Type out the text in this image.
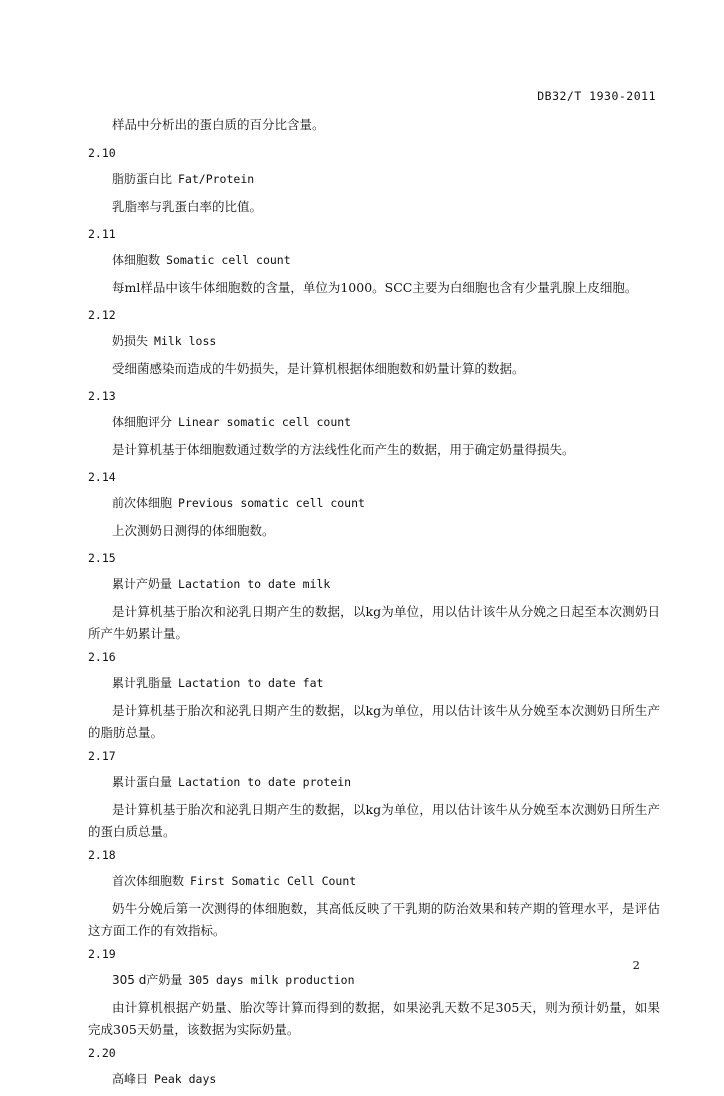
DB32/T 1930-2011

样品中分析出的蛋白质的百分比含量。

2.10
脂肪蛋白比 Fat/Protein

乳脂率与乳蛋白率的比值。

2.11
体细胞数 Somatic cell count

每ml样品中该牛体细胞数的含量，单位为1000。SCC主要为白细胞也含有少量乳腺上皮细胞。

2.12
奶损失 Milk loss

受细菌感染而造成的牛奶损失，是计算机根据体细胞数和奶量计算的数据。

2.13
体细胞评分 Linear somatic cell count

是计算机基于体细胞数通过数学的方法线性化而产生的数据，用于确定奶量得损失。

2.14
前次体细胞 Previous somatic cell count

上次测奶日测得的体细胞数。

2.15
累计产奶量 Lactation to date milk

是计算机基于胎次和泌乳日期产生的数据，以kg为单位，用以估计该牛从分娩之日起至本次测奶日所产牛奶累计量。

2.16
累计乳脂量 Lactation to date fat

是计算机基于胎次和泌乳日期产生的数据，以kg为单位，用以估计该牛从分娩至本次测奶日所生产的脂肪总量。

2.17
累计蛋白量 Lactation to date protein

是计算机基于胎次和泌乳日期产生的数据，以kg为单位，用以估计该牛从分娩至本次测奶日所生产的蛋白质总量。

2.18
首次体细胞数 First Somatic Cell Count

奶牛分娩后第一次测得的体细胞数，其高低反映了干乳期的防治效果和转产期的管理水平，是评估这方面工作的有效指标。

2.19
305 d产奶量 305 days milk production

由计算机根据产奶量、胎次等计算而得到的数据，如果泌乳天数不足305天，则为预计奶量，如果完成305天奶量，该数据为实际奶量。

2.20
高峰日 Peak days
2
